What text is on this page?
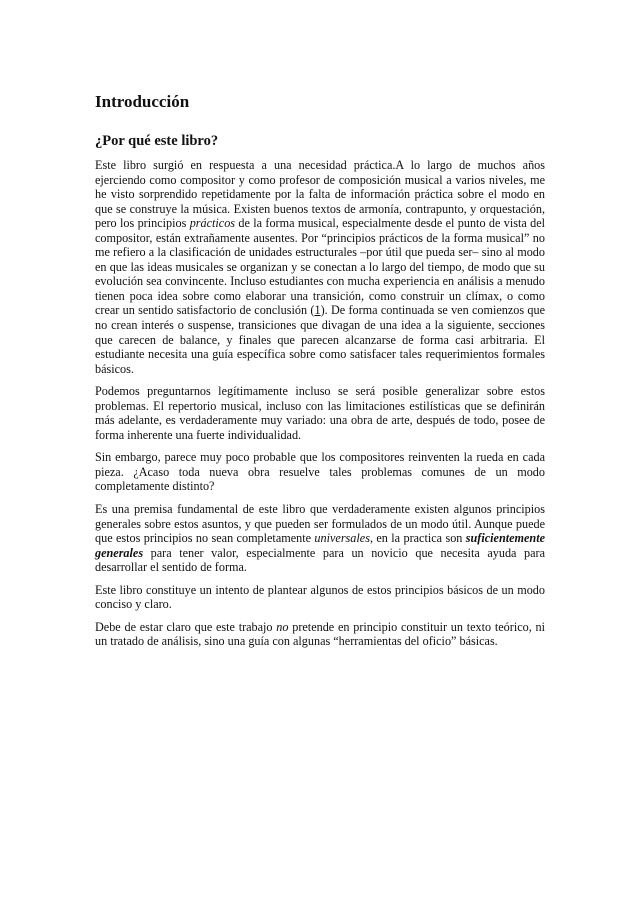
Introducción
¿Por qué este libro?

Este libro surgió en respuesta a una necesidad práctica.A lo largo de muchos años ejerciendo como compositor y como profesor de composición musical a varios niveles, me he visto sorprendido repetidamente por la falta de información práctica sobre el modo en que se construye la música. Existen buenos textos de armonía, contrapunto, y orquestación, pero los principios prácticos de la forma musical, especialmente desde el punto de vista del compositor, están extrañamente ausentes. Por “principios prácticos de la forma musical” no me refiero a la clasificación de unidades estructurales –por útil que pueda ser– sino al modo en que las ideas musicales se organizan y se conectan a lo largo del tiempo, de modo que su evolución sea convincente. Incluso estudiantes con mucha experiencia en análisis a menudo tienen poca idea sobre como elaborar una transición, como construir un clímax, o como crear un sentido satisfactorio de conclusión (1). De forma continuada se ven comienzos que no crean interés o suspense, transiciones que divagan de una idea a la siguiente, secciones que carecen de balance, y finales que parecen alcanzarse de forma casi arbitraria. El estudiante necesita una guía específica sobre como satisfacer tales requerimientos formales básicos.

Podemos preguntarnos legítimamente incluso se será posible generalizar sobre estos problemas. El repertorio musical, incluso con las limitaciones estilísticas que se definirán más adelante, es verdaderamente muy variado: una obra de arte, después de todo, posee de forma inherente una fuerte individualidad.

Sin embargo, parece muy poco probable que los compositores reinventen la rueda en cada pieza. ¿Acaso toda nueva obra resuelve tales problemas comunes de un modo completamente distinto?

Es una premisa fundamental de este libro que verdaderamente existen algunos principios generales sobre estos asuntos, y que pueden ser formulados de un modo útil. Aunque puede que estos principios no sean completamente universales, en la practica son suficientemente generales para tener valor, especialmente para un novicio que necesita ayuda para desarrollar el sentido de forma.

Este libro constituye un intento de plantear algunos de estos principios básicos de un modo conciso y claro.

Debe de estar claro que este trabajo no pretende en principio constituir un texto teórico, ni un tratado de análisis, sino una guía con algunas “herramientas del oficio” básicas.
